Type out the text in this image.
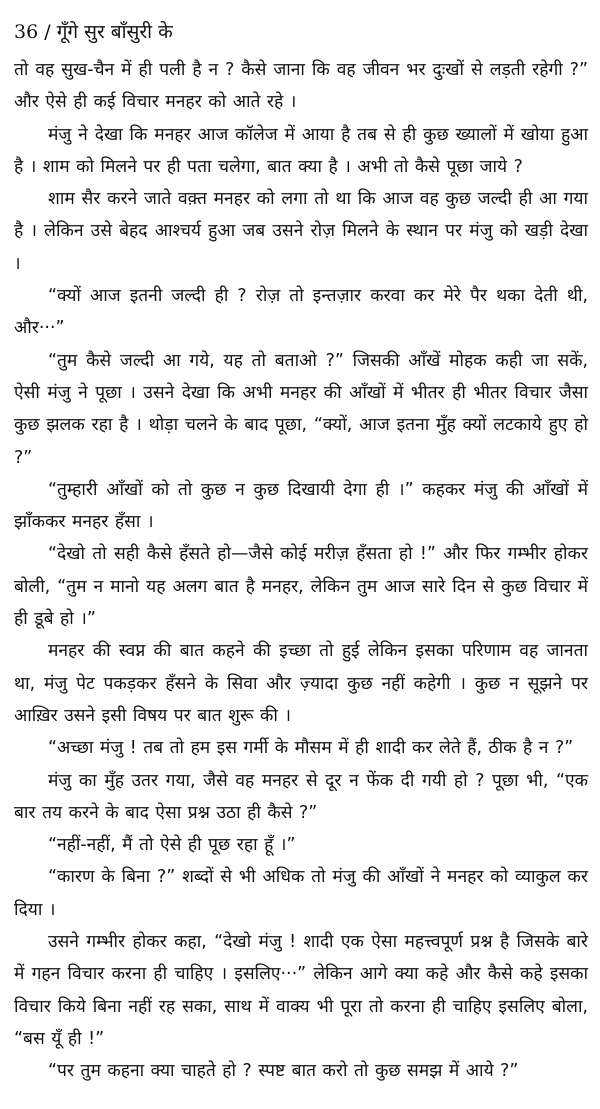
36 / गूँगे सुर बाँसुरी के

तो वह सुख-चैन में ही पली है न ? कैसे जाना कि वह जीवन भर दुःखों से लड़ती रहेगी ?” और ऐसे ही कई विचार मनहर को आते रहे ।

मंजु ने देखा कि मनहर आज कॉलेज में आया है तब से ही कुछ ख्यालों में खोया हुआ है । शाम को मिलने पर ही पता चलेगा, बात क्या है । अभी तो कैसे पूछा जाये ?

शाम सैर करने जाते वक़्त मनहर को लगा तो था कि आज वह कुछ जल्दी ही आ गया है । लेकिन उसे बेहद आश्चर्य हुआ जब उसने रोज़ मिलने के स्थान पर मंजु को खड़ी देखा ।

“क्यों आज इतनी जल्दी ही ? रोज़ तो इन्तज़ार करवा कर मेरे पैर थका देती थी, और···”

“तुम कैसे जल्दी आ गये, यह तो बताओ ?” जिसकी आँखें मोहक कही जा सकें, ऐसी मंजु ने पूछा । उसने देखा कि अभी मनहर की आँखों में भीतर ही भीतर विचार जैसा कुछ झलक रहा है । थोड़ा चलने के बाद पूछा, “क्यों, आज इतना मुँह क्यों लटकाये हुए हो ?”

“तुम्हारी आँखों को तो कुछ न कुछ दिखायी देगा ही ।” कहकर मंजु की आँखों में झाँककर मनहर हँसा ।

“देखो तो सही कैसे हँसते हो—जैसे कोई मरीज़ हँसता हो !” और फिर गम्भीर होकर बोली, “तुम न मानो यह अलग बात है मनहर, लेकिन तुम आज सारे दिन से कुछ विचार में ही डूबे हो ।”

मनहर की स्वप्न की बात कहने की इच्छा तो हुई लेकिन इसका परिणाम वह जानता था, मंजु पेट पकड़कर हँसने के सिवा और ज़्यादा कुछ नहीं कहेगी । कुछ न सूझने पर आख़िर उसने इसी विषय पर बात शुरू की ।

“अच्छा मंजु ! तब तो हम इस गर्मी के मौसम में ही शादी कर लेते हैं, ठीक है न ?”

मंजु का मुँह उतर गया, जैसे वह मनहर से दूर न फेंक दी गयी हो ? पूछा भी, “एक बार तय करने के बाद ऐसा प्रश्न उठा ही कैसे ?”

“नहीं-नहीं, मैं तो ऐसे ही पूछ रहा हूँ ।”

“कारण के बिना ?” शब्दों से भी अधिक तो मंजु की आँखों ने मनहर को व्याकुल कर दिया ।

उसने गम्भीर होकर कहा, “देखो मंजु ! शादी एक ऐसा महत्त्वपूर्ण प्रश्न है जिसके बारे में गहन विचार करना ही चाहिए । इसलिए···” लेकिन आगे क्या कहे और कैसे कहे इसका विचार किये बिना नहीं रह सका, साथ में वाक्य भी पूरा तो करना ही चाहिए इसलिए बोला, “बस यूँ ही !”

“पर तुम कहना क्या चाहते हो ? स्पष्ट बात करो तो कुछ समझ में आये ?”
